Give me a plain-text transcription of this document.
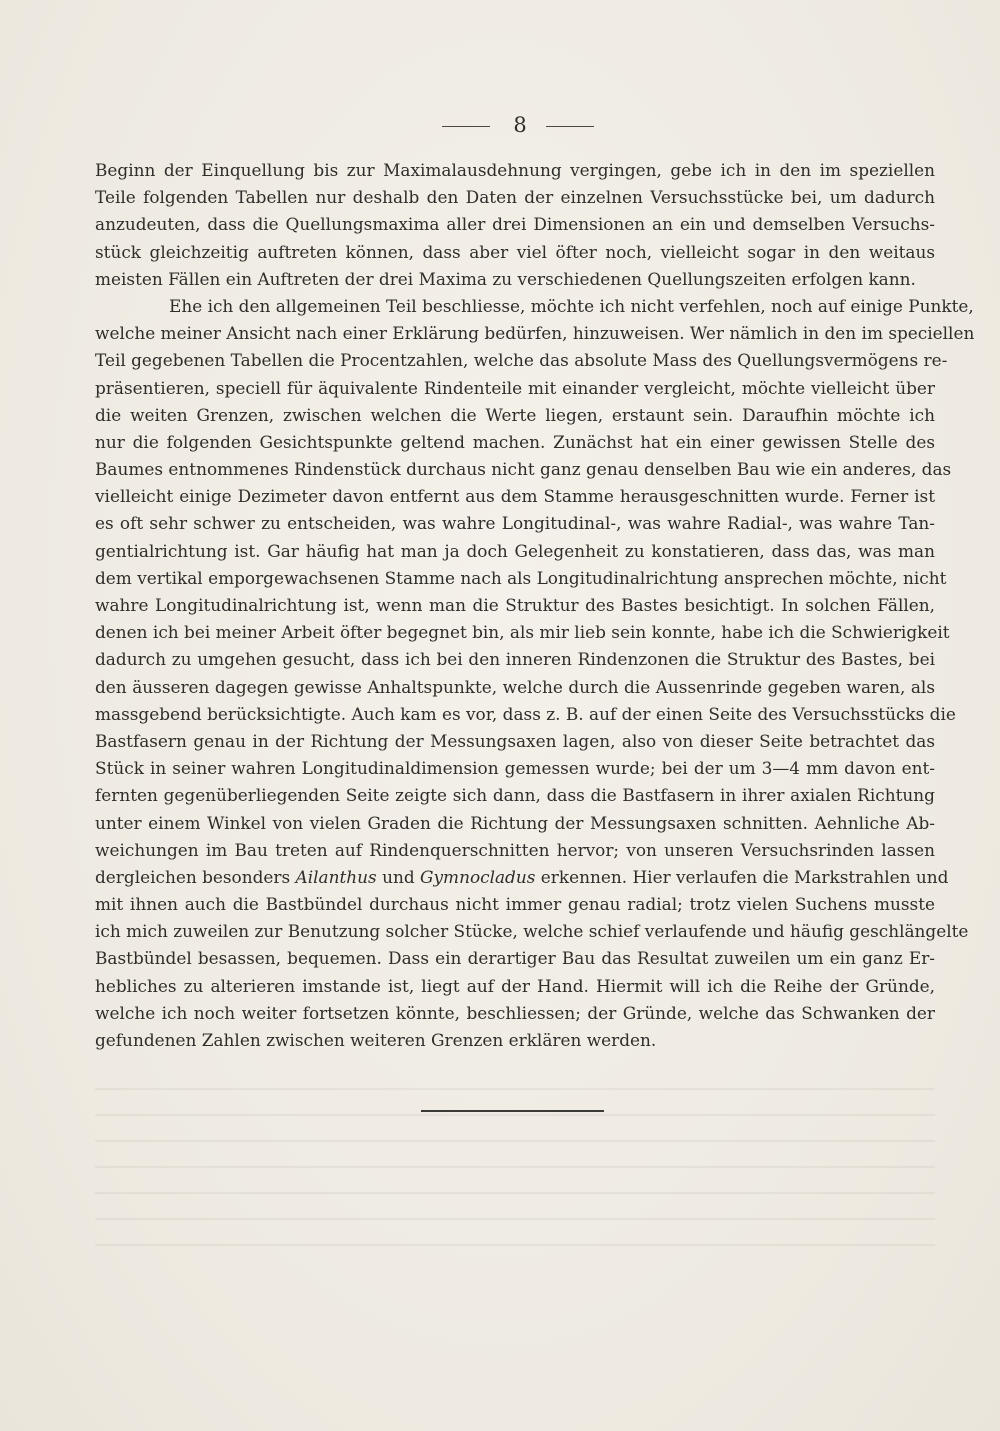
8
Beginn der Einquellung bis zur Maximalausdehnung vergingen, gebe ich in den im speziellen
Teile folgenden Tabellen nur deshalb den Daten der einzelnen Versuchsstücke bei, um dadurch
anzudeuten, dass die Quellungsmaxima aller drei Dimensionen an ein und demselben Versuchs-
stück gleichzeitig auftreten können, dass aber viel öfter noch, vielleicht sogar in den weitaus
meisten Fällen ein Auftreten der drei Maxima zu verschiedenen Quellungszeiten erfolgen kann.
Ehe ich den allgemeinen Teil beschliesse, möchte ich nicht verfehlen, noch auf einige Punkte,
welche meiner Ansicht nach einer Erklärung bedürfen, hinzuweisen. Wer nämlich in den im speciellen
Teil gegebenen Tabellen die Procentzahlen, welche das absolute Mass des Quellungsvermögens re-
präsentieren, speciell für äquivalente Rindenteile mit einander vergleicht, möchte vielleicht über
die weiten Grenzen, zwischen welchen die Werte liegen, erstaunt sein. Daraufhin möchte ich
nur die folgenden Gesichtspunkte geltend machen. Zunächst hat ein einer gewissen Stelle des
Baumes entnommenes Rindenstück durchaus nicht ganz genau denselben Bau wie ein anderes, das
vielleicht einige Dezimeter davon entfernt aus dem Stamme herausgeschnitten wurde. Ferner ist
es oft sehr schwer zu entscheiden, was wahre Longitudinal-, was wahre Radial-, was wahre Tan-
gentialrichtung ist. Gar häufig hat man ja doch Gelegenheit zu konstatieren, dass das, was man
dem vertikal emporgewachsenen Stamme nach als Longitudinalrichtung ansprechen möchte, nicht
wahre Longitudinalrichtung ist, wenn man die Struktur des Bastes besichtigt. In solchen Fällen,
denen ich bei meiner Arbeit öfter begegnet bin, als mir lieb sein konnte, habe ich die Schwierigkeit
dadurch zu umgehen gesucht, dass ich bei den inneren Rindenzonen die Struktur des Bastes, bei
den äusseren dagegen gewisse Anhaltspunkte, welche durch die Aussenrinde gegeben waren, als
massgebend berücksichtigte. Auch kam es vor, dass z. B. auf der einen Seite des Versuchsstücks die
Bastfasern genau in der Richtung der Messungsaxen lagen, also von dieser Seite betrachtet das
Stück in seiner wahren Longitudinaldimension gemessen wurde; bei der um 3—4 mm davon ent-
fernten gegenüberliegenden Seite zeigte sich dann, dass die Bastfasern in ihrer axialen Richtung
unter einem Winkel von vielen Graden die Richtung der Messungsaxen schnitten. Aehnliche Ab-
weichungen im Bau treten auf Rindenquerschnitten hervor; von unseren Versuchsrinden lassen
dergleichen besonders Ailanthus und Gymnocladus erkennen. Hier verlaufen die Markstrahlen und
mit ihnen auch die Bastbündel durchaus nicht immer genau radial; trotz vielen Suchens musste
ich mich zuweilen zur Benutzung solcher Stücke, welche schief verlaufende und häufig geschlängelte
Bastbündel besassen, bequemen. Dass ein derartiger Bau das Resultat zuweilen um ein ganz Er-
hebliches zu alterieren imstande ist, liegt auf der Hand. Hiermit will ich die Reihe der Gründe,
welche ich noch weiter fortsetzen könnte, beschliessen; der Gründe, welche das Schwanken der
gefundenen Zahlen zwischen weiteren Grenzen erklären werden.
